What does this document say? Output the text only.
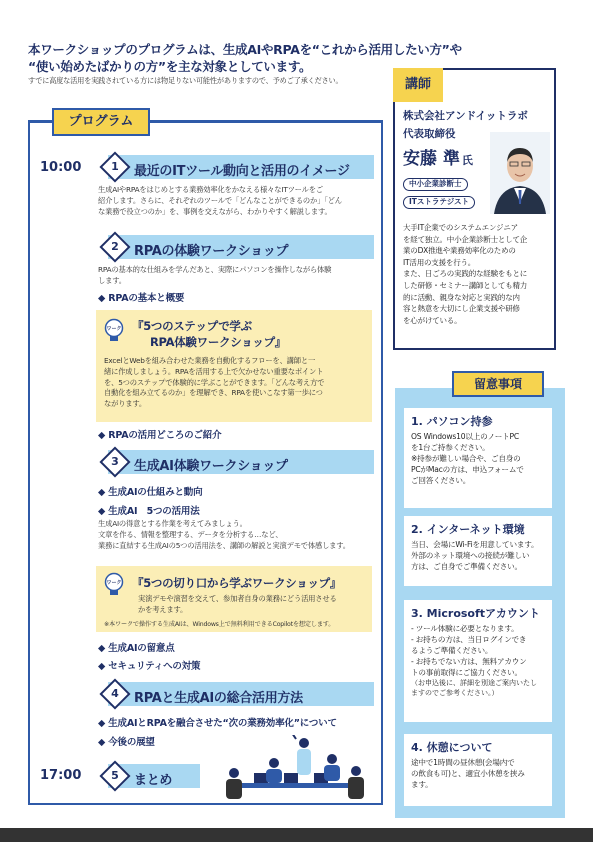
本ワークショップのプログラムは、生成AIやRPAを“これから活用したい方”や
“使い始めたばかりの方”を主な対象としています。
すでに高度な活用を実践されている方には物足りない可能性がありますので、予めご了承ください。
プログラム
10:00	1	最近のITツール動向と活用のイメージ
生成AIやRPAをはじめとする業務効率化をかなえる様々なITツールをご
紹介します。さらに、それぞれのツールで「どんなことができるのか」「どん
な業務で役立つのか」を、事例を交えながら、わかりやすく解説します。
2	RPAの体験ワークショップ
RPAの基本的な仕組みを学んだあと、実際にパソコンを操作しながら体験
します。
◆ RPAの基本と概要
ワーク 『5つのステップで学ぶ
RPA体験ワークショップ』
ExcelとWebを組み合わせた業務を自動化するフローを、講師と一
緒に作成しましょう。RPAを活用する上で欠かせない重要なポイント
を、5つのステップで体験的に学ぶことができます。「どんな考え方で
自動化を組み立てるのか」を理解でき、RPAを使いこなす第一歩につ
ながります。
◆ RPAの活用どころのご紹介
3	生成AI体験ワークショップ
◆ 生成AIの仕組みと動向
◆ 生成AI　5つの活用法
生成AIの得意とする作業を考えてみましょう。
文章を作る、情報を整理する、データを分析する…など、
業務に直結する生成AIの5つの活用法を、講師の解説と実演デモで体感します。
ワーク 『5つの切り口から学ぶワークショップ』
実演デモや演習を交えて、参加者自身の業務にどう活用させる
かを考えます。
※本ワークで操作する生成AIは、Windows上で無料利用できるCopilotを想定します。
◆ 生成AIの留意点
◆ セキュリティへの対策
4	RPAと生成AIの総合活用方法
◆ 生成AIとRPAを融合させた“次の業務効率化”について
◆ 今後の展望
17:00	5	まとめ
講師
株式会社アンドイットラボ
代表取締役
安藤 準 氏
中小企業診断士
ITストラテジスト
大手IT企業でのシステムエンジニア
を経て独立。中小企業診断士として企
業のDX推進や業務効率化のための
IT活用の支援を行う。
また、日ごろの実践的な経験をもとに
した研修・セミナー講師としても精力
的に活動、親身な対応と実践的な内
容と熱意を大切にし企業支援や研修
を心がけている。
留意事項
1. パソコン持参
OS Windows10以上のノートPC
を1台ご持参ください。
※持参が難しい場合や、ご自身の
PCがMacの方は、申込フォームで
ご回答ください。
2. インターネット環境
当日、会場にWi-Fiを用意しています。
外部のネット環境への接続が難しい
方は、ご自身でご準備ください。
3. Microsoftアカウント
- ツール体験に必要となります。
- お持ちの方は、当日ログインでき
るようご準備ください。
- お持ちでない方は、無料アカウン
トの事前取得にご協力ください。
（お申込後に、詳細を別途ご案内いたし
ますのでご参考ください。）
4. 休憩について
途中で1時間の昼休憩(会場内で
の飲食も可)と、適宜小休憩を挟み
ます。
